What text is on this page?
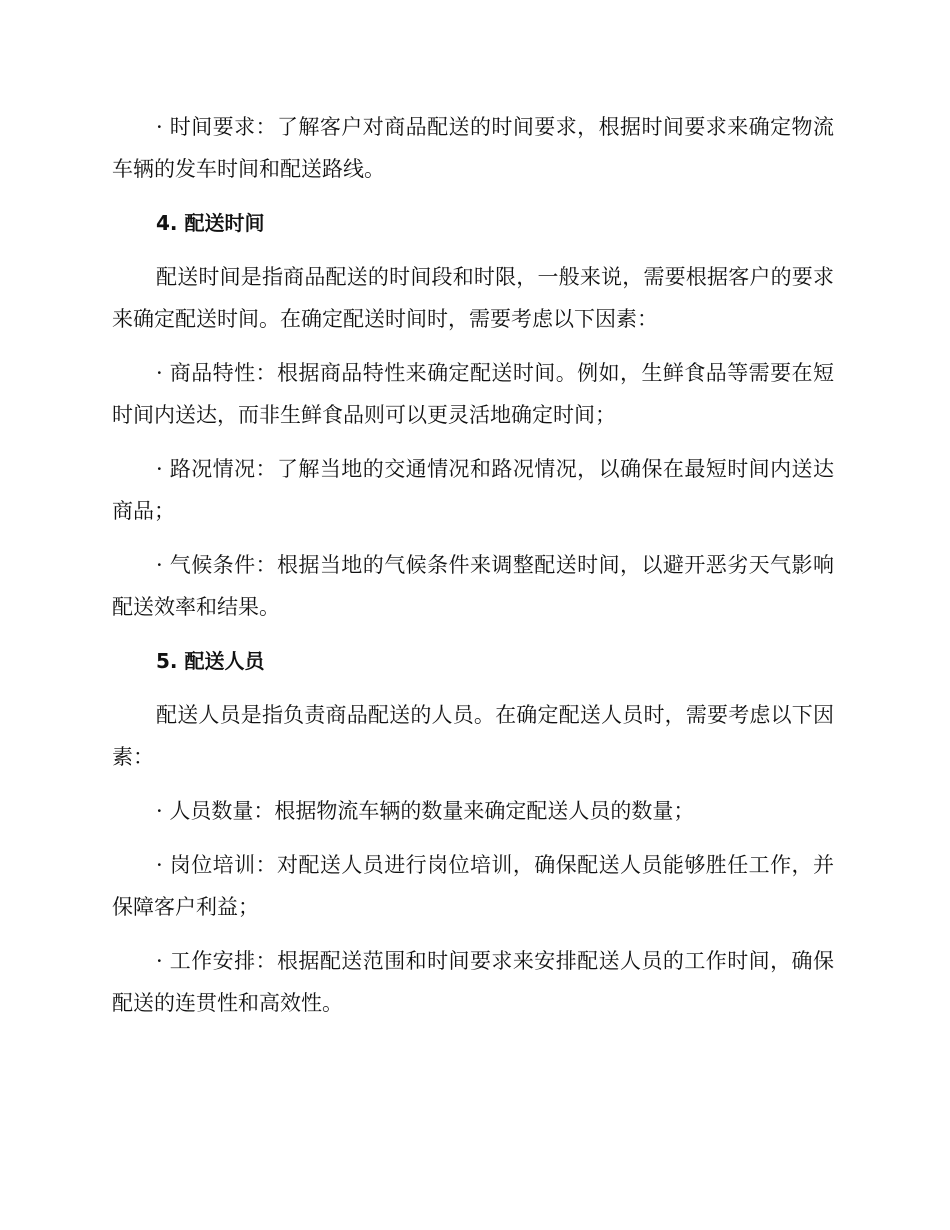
· 时间要求：了解客户对商品配送的时间要求，根据时间要求来确定物流车辆的发车时间和配送路线。

4. 配送时间

配送时间是指商品配送的时间段和时限，一般来说，需要根据客户的要求来确定配送时间。在确定配送时间时，需要考虑以下因素：

· 商品特性：根据商品特性来确定配送时间。例如，生鲜食品等需要在短时间内送达，而非生鲜食品则可以更灵活地确定时间；

· 路况情况：了解当地的交通情况和路况情况，以确保在最短时间内送达商品；

· 气候条件：根据当地的气候条件来调整配送时间，以避开恶劣天气影响配送效率和结果。

5. 配送人员

配送人员是指负责商品配送的人员。在确定配送人员时，需要考虑以下因素：

· 人员数量：根据物流车辆的数量来确定配送人员的数量；

· 岗位培训：对配送人员进行岗位培训，确保配送人员能够胜任工作，并保障客户利益；

· 工作安排：根据配送范围和时间要求来安排配送人员的工作时间，确保配送的连贯性和高效性。
